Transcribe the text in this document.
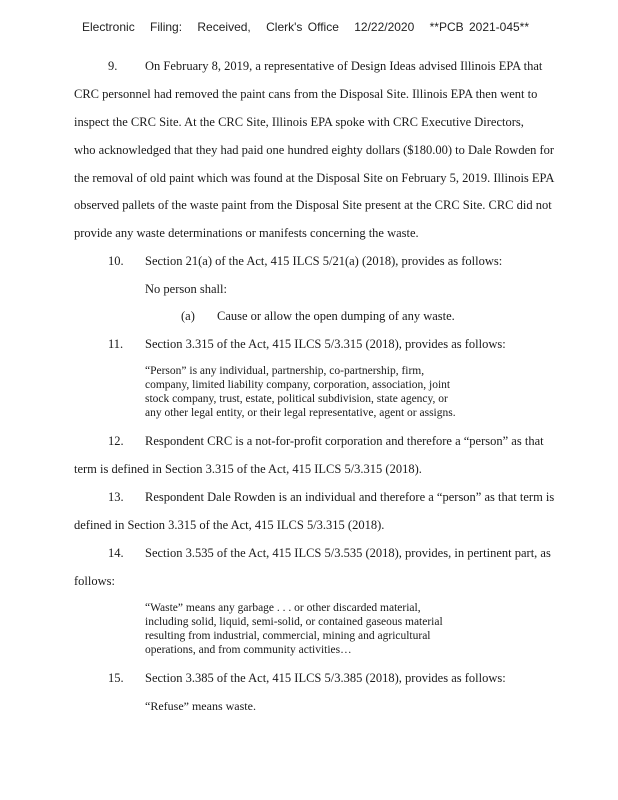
Electronic Filing: Received, Clerk's Office 12/22/2020 **PCB 2021-045**
9. On February 8, 2019, a representative of Design Ideas advised Illinois EPA that
CRC personnel had removed the paint cans from the Disposal Site. Illinois EPA then went to
inspect the CRC Site. At the CRC Site, Illinois EPA spoke with CRC Executive Directors,
who acknowledged that they had paid one hundred eighty dollars ($180.00) to Dale Rowden for
the removal of old paint which was found at the Disposal Site on February 5, 2019. Illinois EPA
observed pallets of the waste paint from the Disposal Site present at the CRC Site. CRC did not
provide any waste determinations or manifests concerning the waste.
10. Section 21(a) of the Act, 415 ILCS 5/21(a) (2018), provides as follows:
No person shall:
(a) Cause or allow the open dumping of any waste.
11. Section 3.315 of the Act, 415 ILCS 5/3.315 (2018), provides as follows:
“Person” is any individual, partnership, co-partnership, firm,
company, limited liability company, corporation, association, joint
stock company, trust, estate, political subdivision, state agency, or
any other legal entity, or their legal representative, agent or assigns.
12. Respondent CRC is a not-for-profit corporation and therefore a “person” as that
term is defined in Section 3.315 of the Act, 415 ILCS 5/3.315 (2018).
13. Respondent Dale Rowden is an individual and therefore a “person” as that term is
defined in Section 3.315 of the Act, 415 ILCS 5/3.315 (2018).
14. Section 3.535 of the Act, 415 ILCS 5/3.535 (2018), provides, in pertinent part, as
follows:
“Waste” means any garbage . . . or other discarded material,
including solid, liquid, semi-solid, or contained gaseous material
resulting from industrial, commercial, mining and agricultural
operations, and from community activities…
15. Section 3.385 of the Act, 415 ILCS 5/3.385 (2018), provides as follows:
“Refuse” means waste.
